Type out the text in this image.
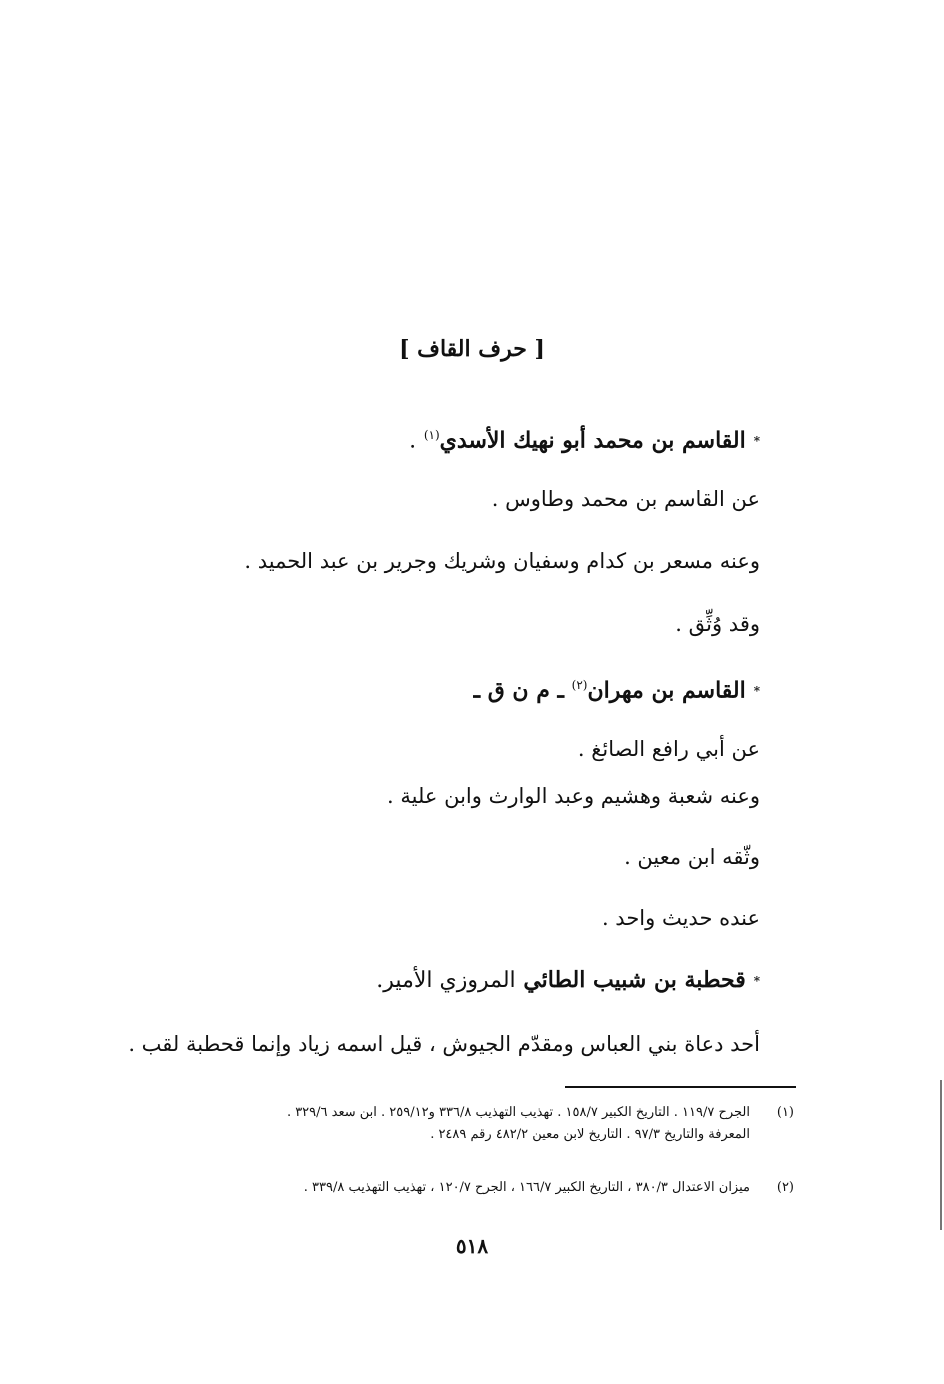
[ حرف القاف ]
*القاسم بن محمد أبو نهيك الأسدي$^{(١)}$ .
عن القاسم بن محمد وطاوس .
وعنه مسعر بن كدام وسفيان وشريك وجرير بن عبد الحميد .
وقد وُثِّق .
*القاسم بن مهران$^{(٢)}$ ـ م ن ق ـ
عن أبي رافع الصائغ .
وعنه شعبة وهشيم وعبد الوارث وابن علية .
وثّقه ابن معين .
عنده حديث واحد .
*قحطبة بن شبيب الطائي المروزي الأمير.
أحد دعاة بني العباس ومقدّم الجيوش ، قيل اسمه زياد وإنما قحطبة لقب .
(١)
الجرح ١١٩/٧ . التاريخ الكبير ١٥٨/٧ . تهذيب التهذيب ٣٣٦/٨ و٢٥٩/١٢ . ابن سعد ٣٢٩/٦ .
المعرفة والتاريخ ٩٧/٣ . التاريخ لابن معين ٤٨٢/٢ رقم ٢٤٨٩ .
(٢)
ميزان الاعتدال ٣٨٠/٣ ، التاريخ الكبير ١٦٦/٧ ، الجرح ١٢٠/٧ ، تهذيب التهذيب ٣٣٩/٨ .
٥١٨
